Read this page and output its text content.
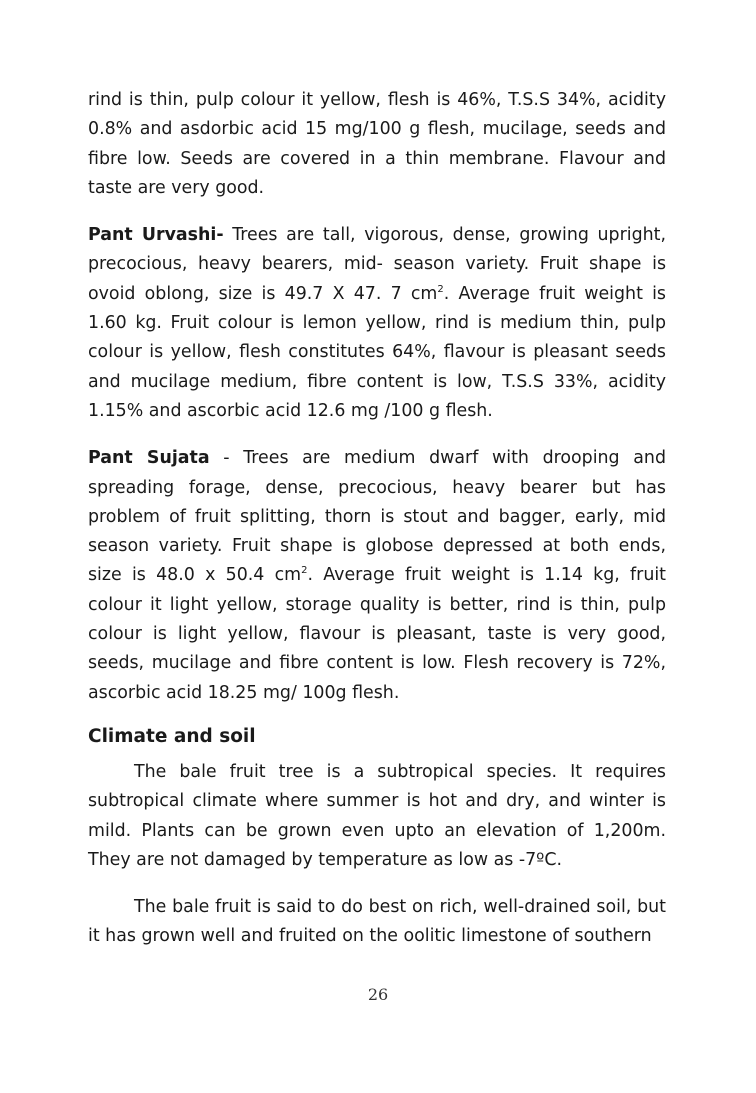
rind is thin, pulp colour it yellow, flesh is 46%, T.S.S 34%, acidity 0.8% and asdorbic acid 15 mg/100 g flesh, mucilage, seeds and fibre low. Seeds are covered in a thin membrane. Flavour and taste are very good.

Pant Urvashi- Trees are tall, vigorous, dense, growing upright, precocious, heavy bearers, mid- season variety. Fruit shape is ovoid oblong, size is 49.7 X 47. 7 $cm^2$. Average fruit weight is 1.60 kg. Fruit colour is lemon yellow, rind is medium thin, pulp colour is yellow, flesh constitutes 64%, flavour is pleasant seeds and mucilage medium, fibre content is low, T.S.S 33%, acidity 1.15% and ascorbic acid 12.6 mg /100 g flesh.

Pant Sujata - Trees are medium dwarf with drooping and spreading forage, dense, precocious, heavy bearer but has problem of fruit splitting, thorn is stout and bagger, early, mid season variety. Fruit shape is globose depressed at both ends, size is 48.0 x 50.4 $cm^2$. Average fruit weight is 1.14 kg, fruit colour it light yellow, storage quality is better, rind is thin, pulp colour is light yellow, flavour is pleasant, taste is very good, seeds, mucilage and fibre content is low. Flesh recovery is 72%, ascorbic acid 18.25 mg/ 100g flesh.

Climate and soil

The bale fruit tree is a subtropical species. It requires subtropical climate where summer is hot and dry, and winter is mild. Plants can be grown even upto an elevation of 1,200m. They are not damaged by temperature as low as -7ºC.

The bale fruit is said to do best on rich, well-drained soil, but it has grown well and fruited on the oolitic limestone of southern

26
